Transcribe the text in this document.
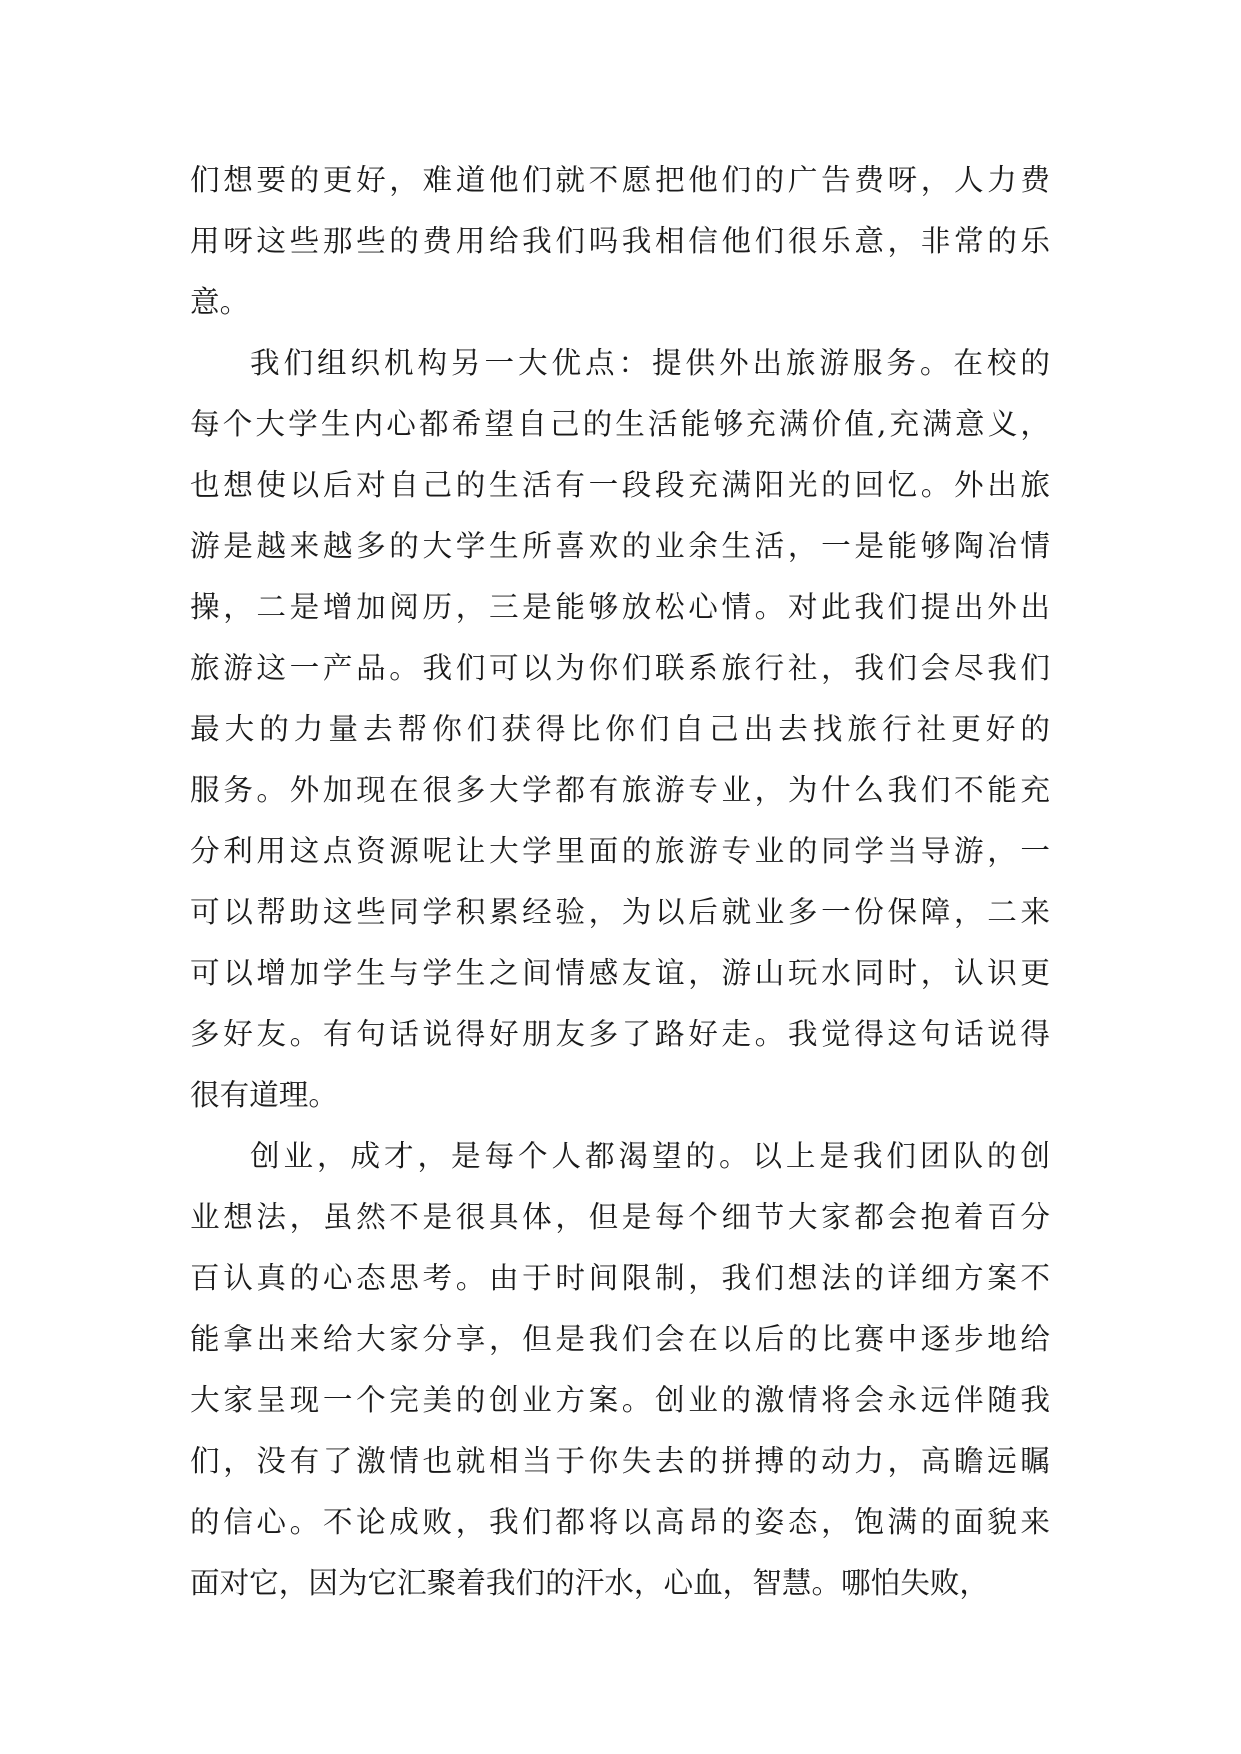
们想要的更好，难道他们就不愿把他们的广告费呀，人力费
用呀这些那些的费用给我们吗我相信他们很乐意，非常的乐
意。
我们组织机构另一大优点：提供外出旅游服务。在校的
每个大学生内心都希望自己的生活能够充满价值,充满意义，
也想使以后对自己的生活有一段段充满阳光的回忆。外出旅
游是越来越多的大学生所喜欢的业余生活，一是能够陶冶情
操，二是增加阅历，三是能够放松心情。对此我们提出外出
旅游这一产品。我们可以为你们联系旅行社，我们会尽我们
最大的力量去帮你们获得比你们自己出去找旅行社更好的
服务。外加现在很多大学都有旅游专业，为什么我们不能充
分利用这点资源呢让大学里面的旅游专业的同学当导游，一
可以帮助这些同学积累经验，为以后就业多一份保障，二来
可以增加学生与学生之间情感友谊，游山玩水同时，认识更
多好友。有句话说得好朋友多了路好走。我觉得这句话说得
很有道理。
创业，成才，是每个人都渴望的。以上是我们团队的创
业想法，虽然不是很具体，但是每个细节大家都会抱着百分
百认真的心态思考。由于时间限制，我们想法的详细方案不
能拿出来给大家分享，但是我们会在以后的比赛中逐步地给
大家呈现一个完美的创业方案。创业的激情将会永远伴随我
们，没有了激情也就相当于你失去的拼搏的动力，高瞻远瞩
的信心。不论成败，我们都将以高昂的姿态，饱满的面貌来
面对它，因为它汇聚着我们的汗水，心血，智慧。哪怕失败，
